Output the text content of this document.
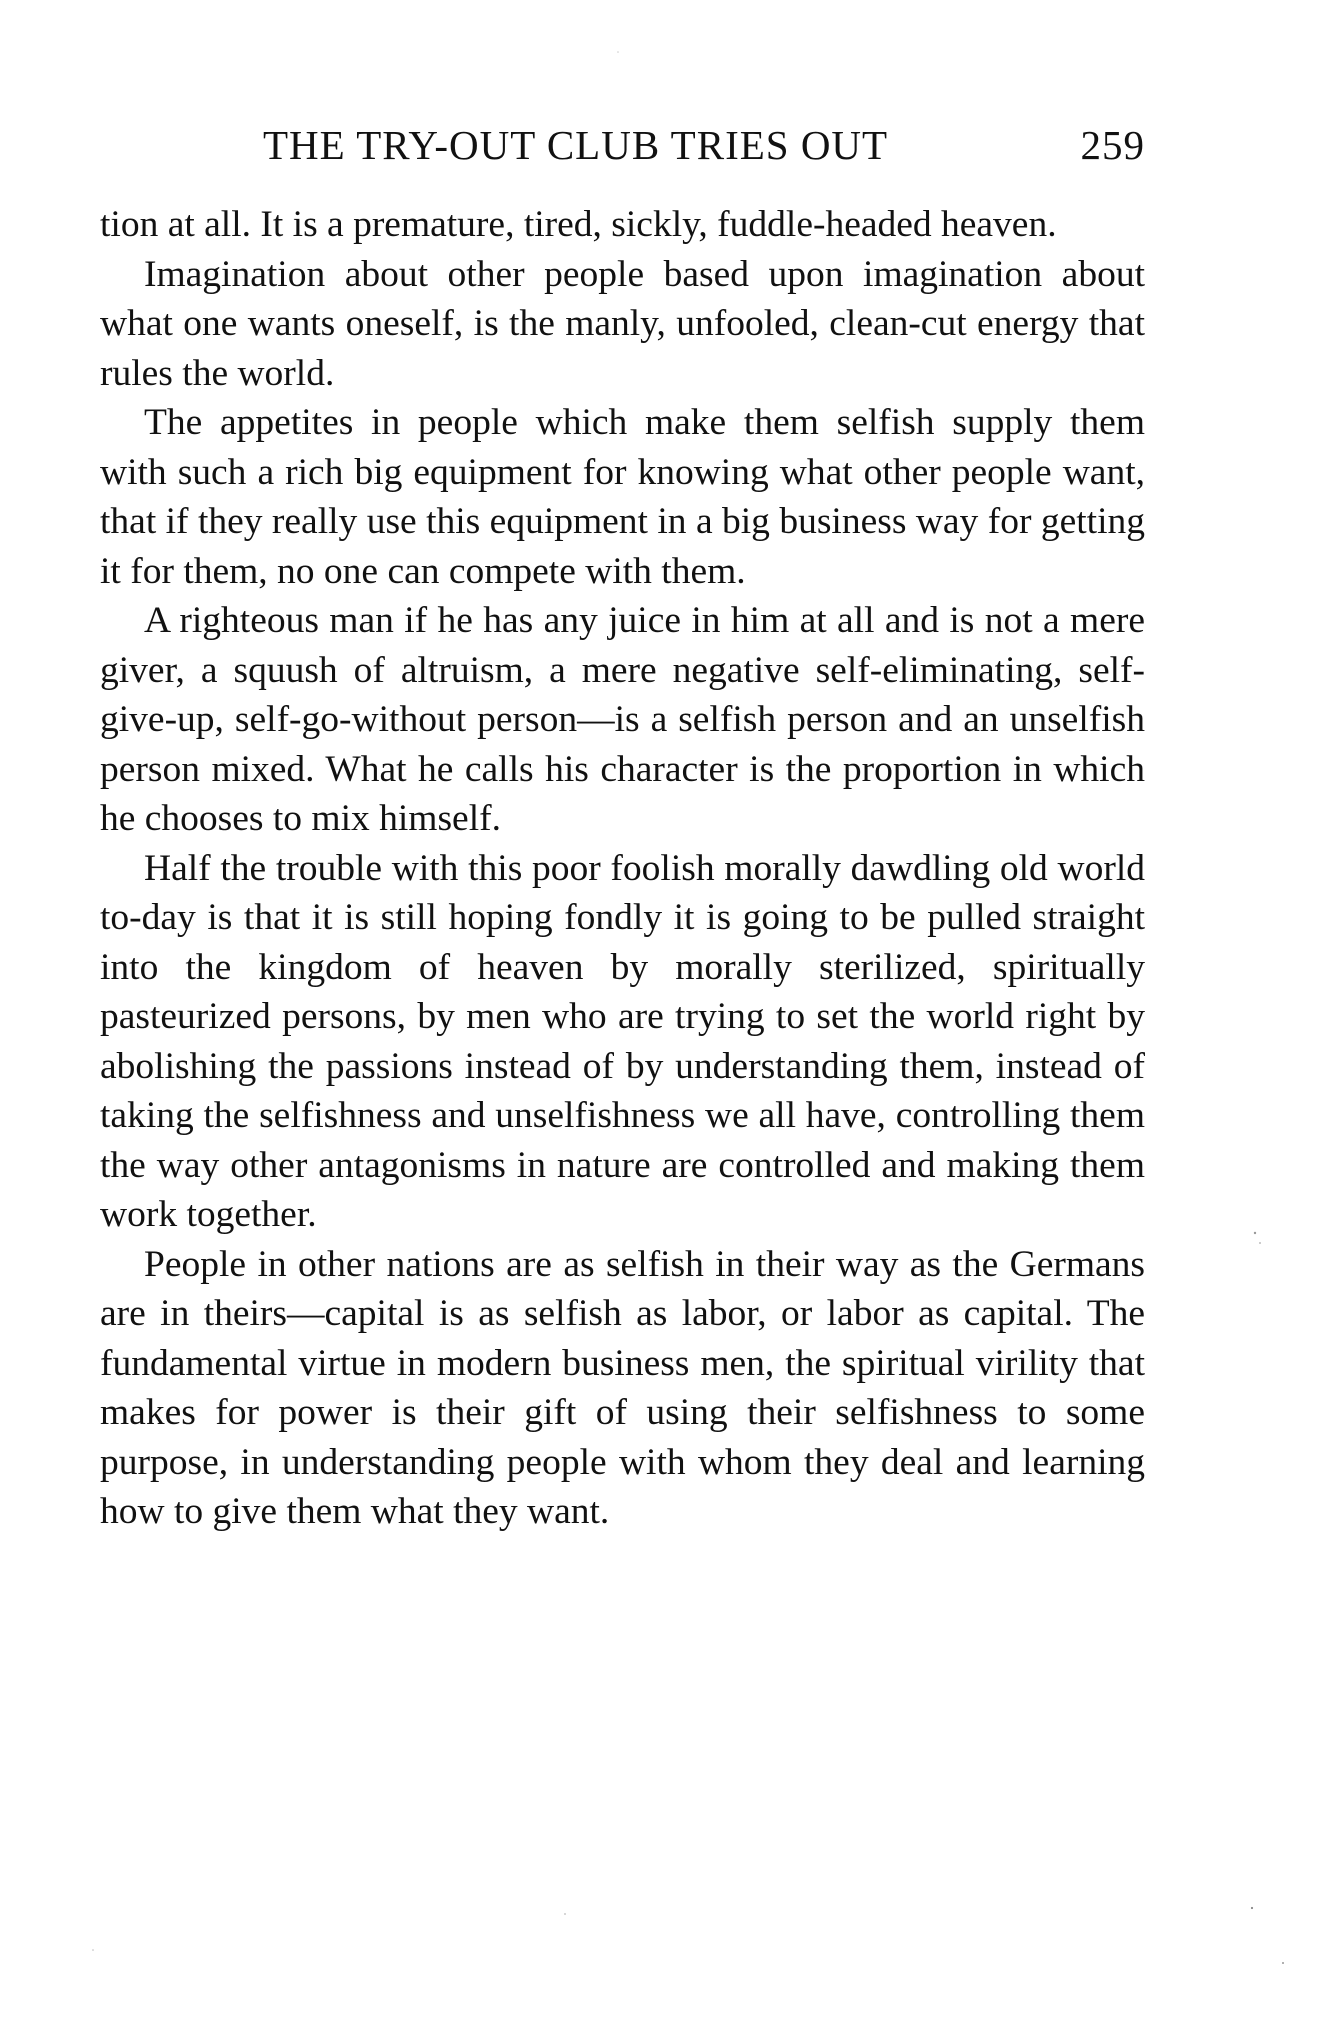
THE TRY-OUT CLUB TRIES OUT	259

tion at all. It is a premature, tired, sickly, fuddle-headed heaven.

Imagination about other people based upon imagination about what one wants oneself, is the manly, unfooled, clean-cut energy that rules the world.

The appetites in people which make them selfish supply them with such a rich big equipment for knowing what other people want, that if they really use this equipment in a big business way for getting it for them, no one can compete with them.

A righteous man if he has any juice in him at all and is not a mere giver, a squush of altruism, a mere negative self-eliminating, self-give-up, self-go-without person—is a selfish person and an unselfish person mixed. What he calls his character is the proportion in which he chooses to mix himself.

Half the trouble with this poor foolish morally dawdling old world to-day is that it is still hoping fondly it is going to be pulled straight into the kingdom of heaven by morally sterilized, spiritually pasteurized persons, by men who are trying to set the world right by abolishing the passions instead of by understanding them, instead of taking the selfishness and unselfishness we all have, controlling them the way other antagonisms in nature are controlled and making them work together.

People in other nations are as selfish in their way as the Germans are in theirs—capital is as selfish as labor, or labor as capital. The fundamental virtue in modern business men, the spiritual virility that makes for power is their gift of using their selfishness to some purpose, in understanding people with whom they deal and learning how to give them what they want.
